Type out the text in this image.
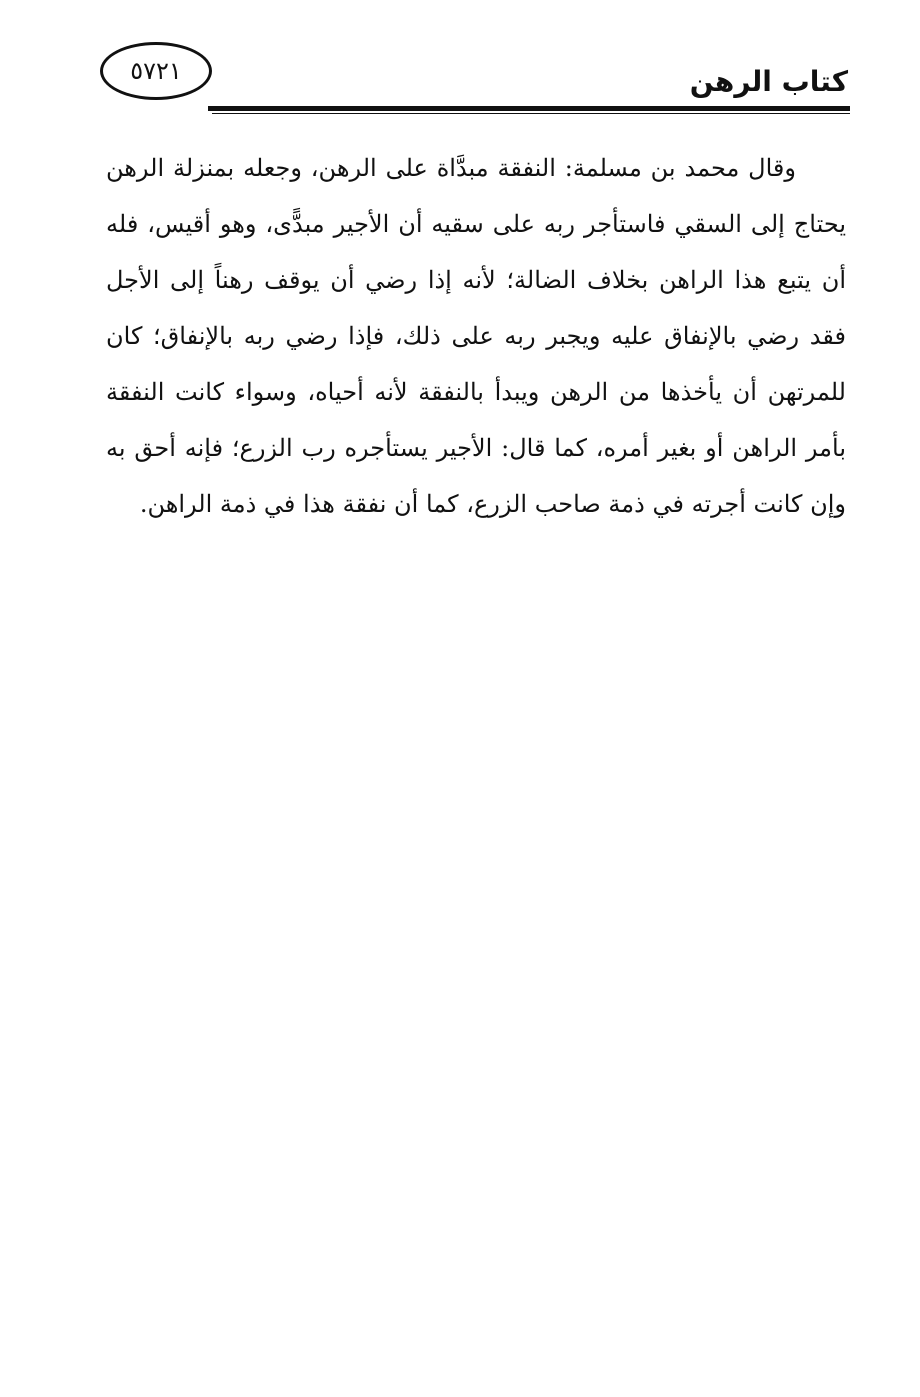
٥٧٢١	كتاب الرهن

وقال محمد بن مسلمة: النفقة مبدَّاة على الرهن، وجعله بمنزلة الرهن يحتاج إلى السقي فاستأجر ربه على سقيه أن الأجير مبدًّى، وهو أقيس، فله أن يتبع هذا الراهن بخلاف الضالة؛ لأنه إذا رضي أن يوقف رهناً إلى الأجل فقد رضي بالإنفاق عليه ويجبر ربه على ذلك، فإذا رضي ربه بالإنفاق؛ كان للمرتهن أن يأخذها من الرهن ويبدأ بالنفقة لأنه أحياه، وسواء كانت النفقة بأمر الراهن أو بغير أمره، كما قال: الأجير يستأجره رب الزرع؛ فإنه أحق به وإن كانت أجرته في ذمة صاحب الزرع، كما أن نفقة هذا في ذمة الراهن.
